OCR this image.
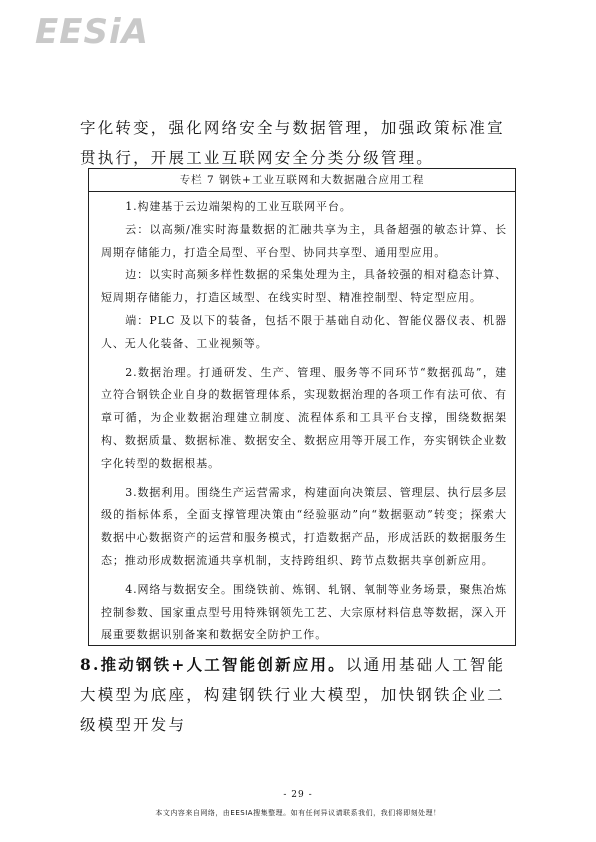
EESiA
字化转变，强化网络安全与数据管理，加强政策标准宣贯执行，开展工业互联网安全分类分级管理。
专栏 7 钢铁+工业互联网和大数据融合应用工程

1.构建基于云边端架构的工业互联网平台。

云：以高频/准实时海量数据的汇融共享为主，具备超强的敏态计算、长周期存储能力，打造全局型、平台型、协同共享型、通用型应用。

边：以实时高频多样性数据的采集处理为主，具备较强的相对稳态计算、短周期存储能力，打造区域型、在线实时型、精准控制型、特定型应用。

端：PLC 及以下的装备，包括不限于基础自动化、智能仪器仪表、机器人、无人化装备、工业视频等。

2.数据治理。打通研发、生产、管理、服务等不同环节“数据孤岛”，建立符合钢铁企业自身的数据管理体系，实现数据治理的各项工作有法可依、有章可循，为企业数据治理建立制度、流程体系和工具平台支撑，围绕数据架构、数据质量、数据标准、数据安全、数据应用等开展工作，夯实钢铁企业数字化转型的数据根基。

3.数据利用。围绕生产运营需求，构建面向决策层、管理层、执行层多层级的指标体系，全面支撑管理决策由“经验驱动”向“数据驱动”转变；探索大数据中心数据资产的运营和服务模式，打造数据产品，形成活跃的数据服务生态；推动形成数据流通共享机制，支持跨组织、跨节点数据共享创新应用。

4.网络与数据安全。围绕铁前、炼钢、轧钢、氧制等业务场景，聚焦冶炼控制参数、国家重点型号用特殊钢领先工艺、大宗原材料信息等数据，深入开展重要数据识别备案和数据安全防护工作。

8.推动钢铁+人工智能创新应用。以通用基础人工智能大模型为底座，构建钢铁行业大模型，加快钢铁企业二级模型开发与
- 29 -
本文内容来自网络，由EESIA搜集整理。如有任何异议请联系我们，我们将即刻处理！
